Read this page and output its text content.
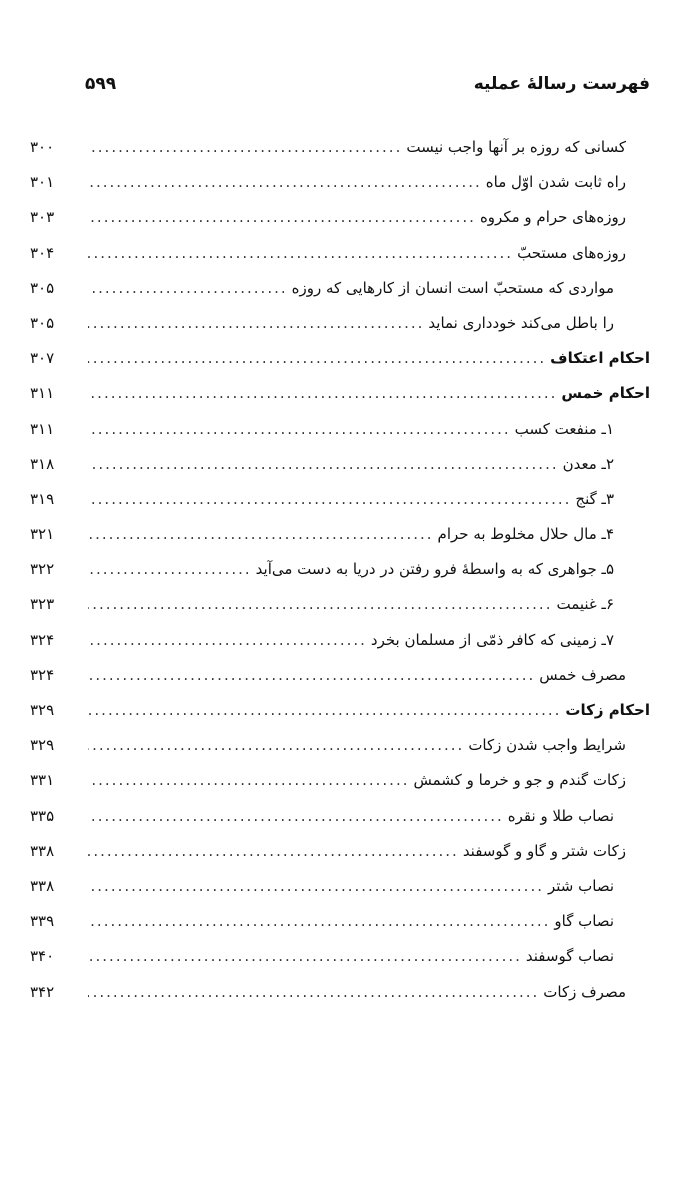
فهرست رسالهٔ عملیه
۵۹۹
کسانی که روزه بر آنها واجب نیست
.....
۳۰۰
راه ثابت شدن اوّل ماه
.....
۳۰۱
روزه‌های حرام و مکروه
.....
۳۰۳
روزه‌های مستحبّ
.....
۳۰۴
مواردی که مستحبّ است انسان از کارهایی که روزه
.....
۳۰۵
را باطل می‌کند خودداری نماید
.....
۳۰۵
احکام اعتکاف
.....
۳۰۷
احکام خمس
.....
۳۱۱
۱ـ منفعت کسب
.....
۳۱۱
۲ـ معدن
.....
۳۱۸
۳ـ گنج
.....
۳۱۹
۴ـ مال حلال مخلوط به حرام
.....
۳۲۱
۵ـ جواهری که به واسطهٔ فرو رفتن در دریا به دست می‌آید
.....
۳۲۲
۶ـ غنیمت
.....
۳۲۳
۷ـ زمینی که کافر ذمّی از مسلمان بخرد
.....
۳۲۴
مصرف خمس
.....
۳۲۴
احکام زکات
.....
۳۲۹
شرایط واجب شدن زکات
.....
۳۲۹
زکات گندم و جو و خرما و کشمش
.....
۳۳۱
نصاب طلا و نقره
.....
۳۳۵
زکات شتر و گاو و گوسفند
.....
۳۳۸
نصاب شتر
.....
۳۳۸
نصاب گاو
.....
۳۳۹
نصاب گوسفند
.....
۳۴۰
مصرف زکات
.....
۳۴۲
